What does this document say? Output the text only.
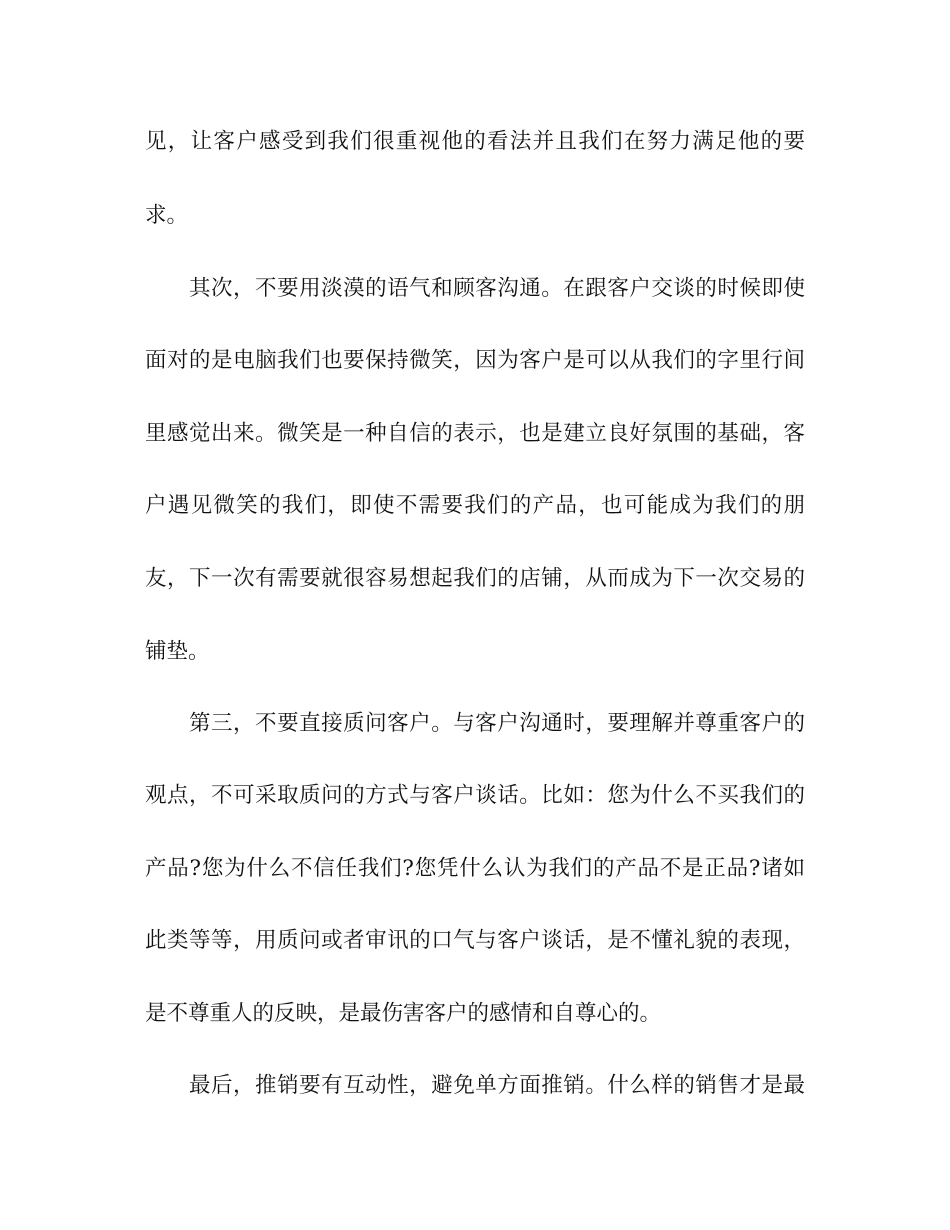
见，让客户感受到我们很重视他的看法并且我们在努力满足他的要
求。
其次，不要用淡漠的语气和顾客沟通。在跟客户交谈的时候即使
面对的是电脑我们也要保持微笑，因为客户是可以从我们的字里行间
里感觉出来。微笑是一种自信的表示，也是建立良好氛围的基础，客
户遇见微笑的我们，即使不需要我们的产品，也可能成为我们的朋
友，下一次有需要就很容易想起我们的店铺，从而成为下一次交易的
铺垫。
第三，不要直接质问客户。与客户沟通时，要理解并尊重客户的
观点，不可采取质问的方式与客户谈话。比如：您为什么不买我们的
产品?您为什么不信任我们?您凭什么认为我们的产品不是正品?诸如
此类等等，用质问或者审讯的口气与客户谈话，是不懂礼貌的表现，
是不尊重人的反映，是最伤害客户的感情和自尊心的。
最后，推销要有互动性，避免单方面推销。什么样的销售才是最
